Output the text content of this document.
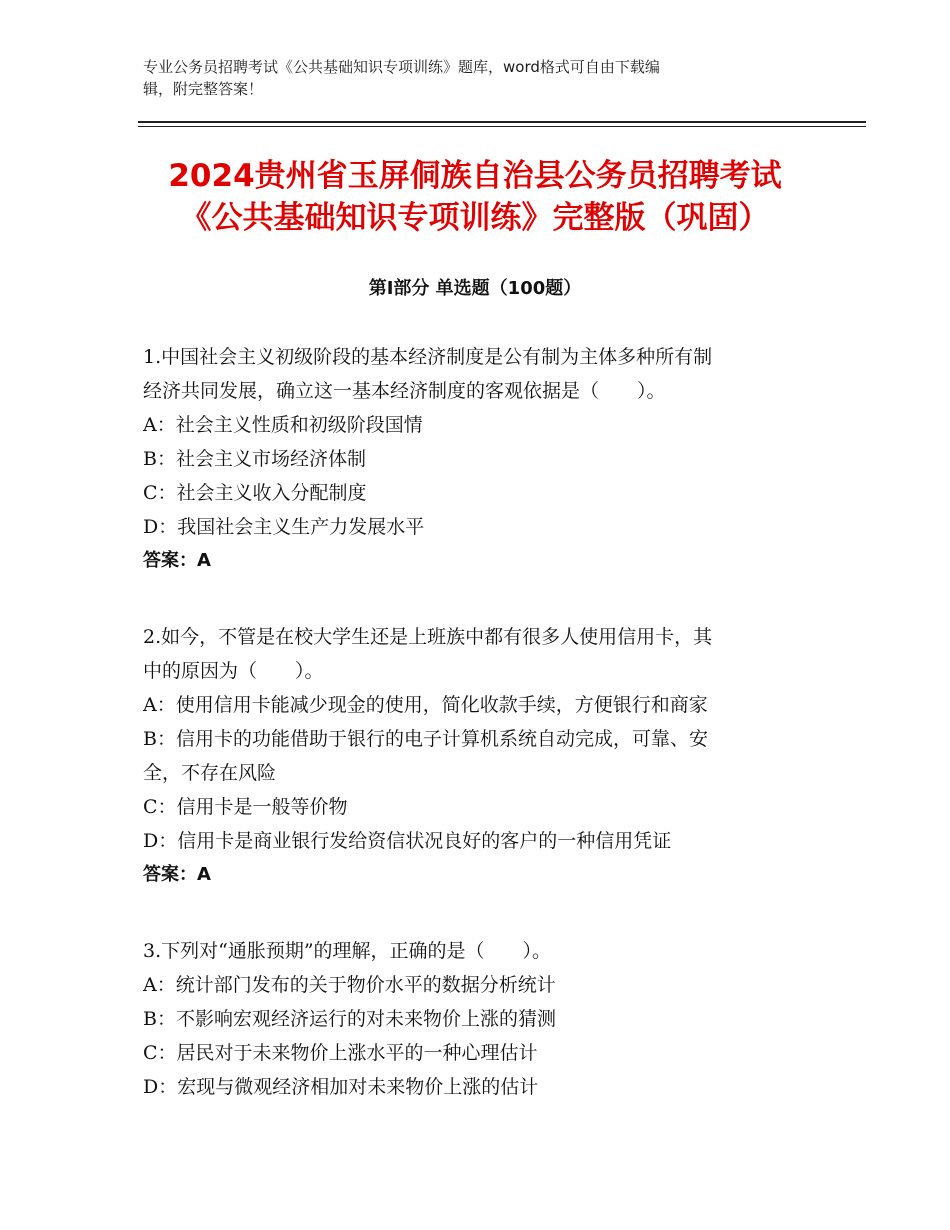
专业公务员招聘考试《公共基础知识专项训练》题库，word格式可自由下载编
辑，附完整答案！
2024贵州省玉屏侗族自治县公务员招聘考试
《公共基础知识专项训练》完整版（巩固）
第Ⅰ部分 单选题（100题）
1.中国社会主义初级阶段的基本经济制度是公有制为主体多种所有制
经济共同发展，确立这一基本经济制度的客观依据是（　　）。
A：社会主义性质和初级阶段国情
B：社会主义市场经济体制
C：社会主义收入分配制度
D：我国社会主义生产力发展水平
答案：A
2.如今，不管是在校大学生还是上班族中都有很多人使用信用卡，其
中的原因为（　　）。
A：使用信用卡能减少现金的使用，简化收款手续，方便银行和商家
B：信用卡的功能借助于银行的电子计算机系统自动完成，可靠、安
全，不存在风险
C：信用卡是一般等价物
D：信用卡是商业银行发给资信状况良好的客户的一种信用凭证
答案：A
3.下列对“通胀预期”的理解，正确的是（　　）。
A：统计部门发布的关于物价水平的数据分析统计
B：不影响宏观经济运行的对未来物价上涨的猜测
C：居民对于未来物价上涨水平的一种心理估计
D：宏现与微观经济相加对未来物价上涨的估计
